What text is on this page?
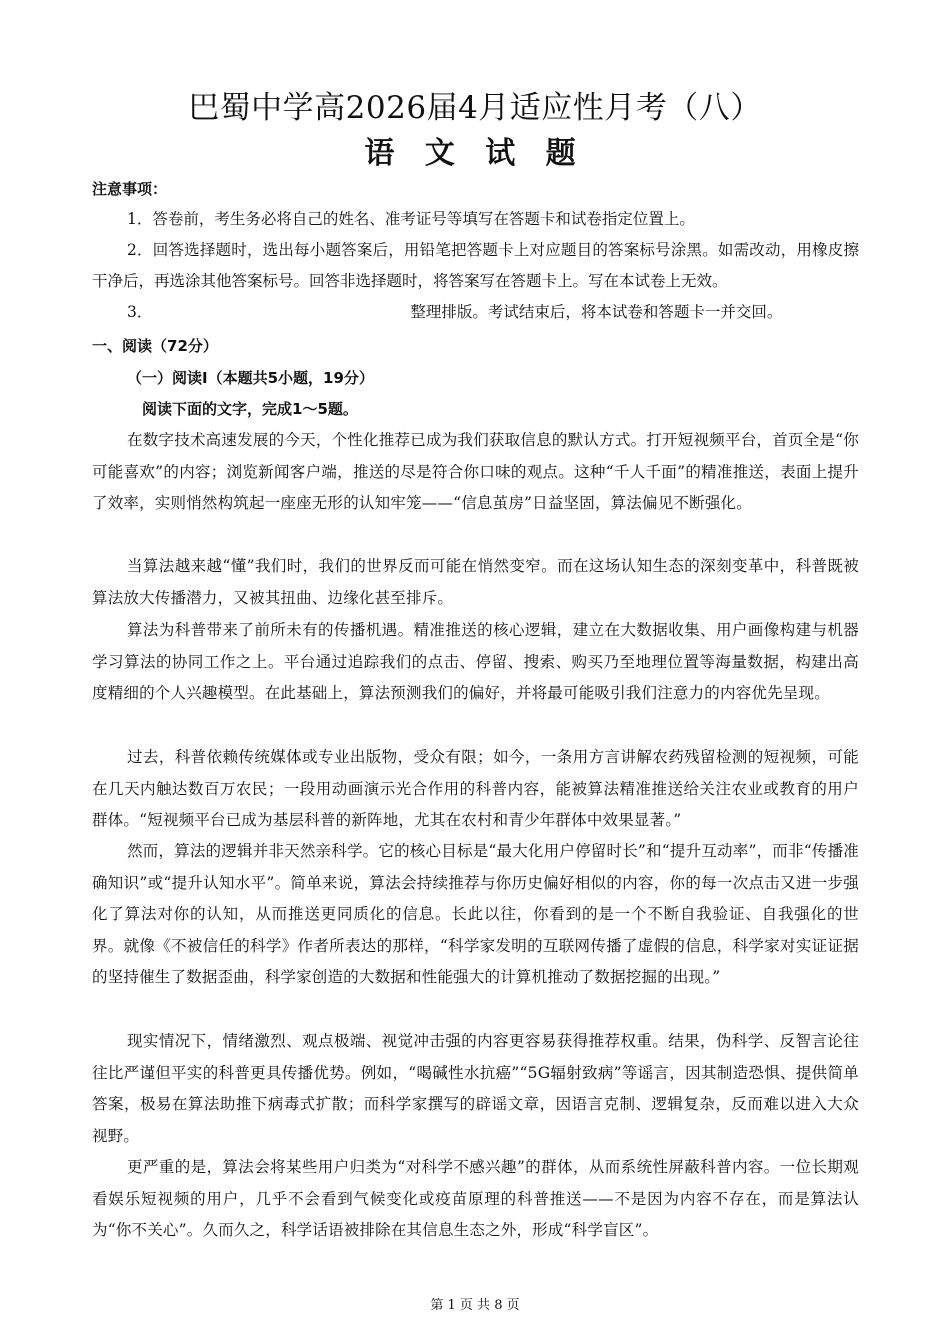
巴蜀中学高2026届4月适应性月考（八）
语 文 试 题
注意事项：
1．答卷前，考生务必将自己的姓名、准考证号等填写在答题卡和试卷指定位置上。
2．回答选择题时，选出每小题答案后，用铅笔把答题卡上对应题目的答案标号涂黑。如需改动，用橡皮擦干净后，再选涂其他答案标号。回答非选择题时，将答案写在答题卡上。写在本试卷上无效。
3．	整理排版。考试结束后，将本试卷和答题卡一并交回。
一、阅读（72分）
（一）阅读Ⅰ（本题共5小题，19分）
阅读下面的文字，完成1～5题。
在数字技术高速发展的今天，个性化推荐已成为我们获取信息的默认方式。打开短视频平台，首页全是“你可能喜欢”的内容；浏览新闻客户端，推送的尽是符合你口味的观点。这种“千人千面”的精准推送，表面上提升了效率，实则悄然构筑起一座座无形的认知牢笼——“信息茧房”日益坚固，算法偏见不断强化。
当算法越来越“懂”我们时，我们的世界反而可能在悄然变窄。而在这场认知生态的深刻变革中，科普既被算法放大传播潜力，又被其扭曲、边缘化甚至排斥。
算法为科普带来了前所未有的传播机遇。精准推送的核心逻辑，建立在大数据收集、用户画像构建与机器学习算法的协同工作之上。平台通过追踪我们的点击、停留、搜索、购买乃至地理位置等海量数据，构建出高度精细的个人兴趣模型。在此基础上，算法预测我们的偏好，并将最可能吸引我们注意力的内容优先呈现。
过去，科普依赖传统媒体或专业出版物，受众有限；如今，一条用方言讲解农药残留检测的短视频，可能在几天内触达数百万农民；一段用动画演示光合作用的科普内容，能被算法精准推送给关注农业或教育的用户群体。“短视频平台已成为基层科普的新阵地，尤其在农村和青少年群体中效果显著。”
然而，算法的逻辑并非天然亲科学。它的核心目标是“最大化用户停留时长”和“提升互动率”，而非“传播准确知识”或“提升认知水平”。简单来说，算法会持续推荐与你历史偏好相似的内容，你的每一次点击又进一步强化了算法对你的认知，从而推送更同质化的信息。长此以往，你看到的是一个不断自我验证、自我强化的世界。就像《不被信任的科学》作者所表达的那样，“科学家发明的互联网传播了虚假的信息，科学家对实证证据的坚持催生了数据歪曲，科学家创造的大数据和性能强大的计算机推动了数据挖掘的出现。”
现实情况下，情绪激烈、观点极端、视觉冲击强的内容更容易获得推荐权重。结果，伪科学、反智言论往往比严谨但平实的科普更具传播优势。例如，“喝碱性水抗癌”“5G辐射致病”等谣言，因其制造恐惧、提供简单答案，极易在算法助推下病毒式扩散；而科学家撰写的辟谣文章，因语言克制、逻辑复杂，反而难以进入大众视野。
更严重的是，算法会将某些用户归类为“对科学不感兴趣”的群体，从而系统性屏蔽科普内容。一位长期观看娱乐短视频的用户，几乎不会看到气候变化或疫苗原理的科普推送——不是因为内容不存在，而是算法认为“你不关心”。久而久之，科学话语被排除在其信息生态之外，形成“科学盲区”。
第 1 页 共 8 页
